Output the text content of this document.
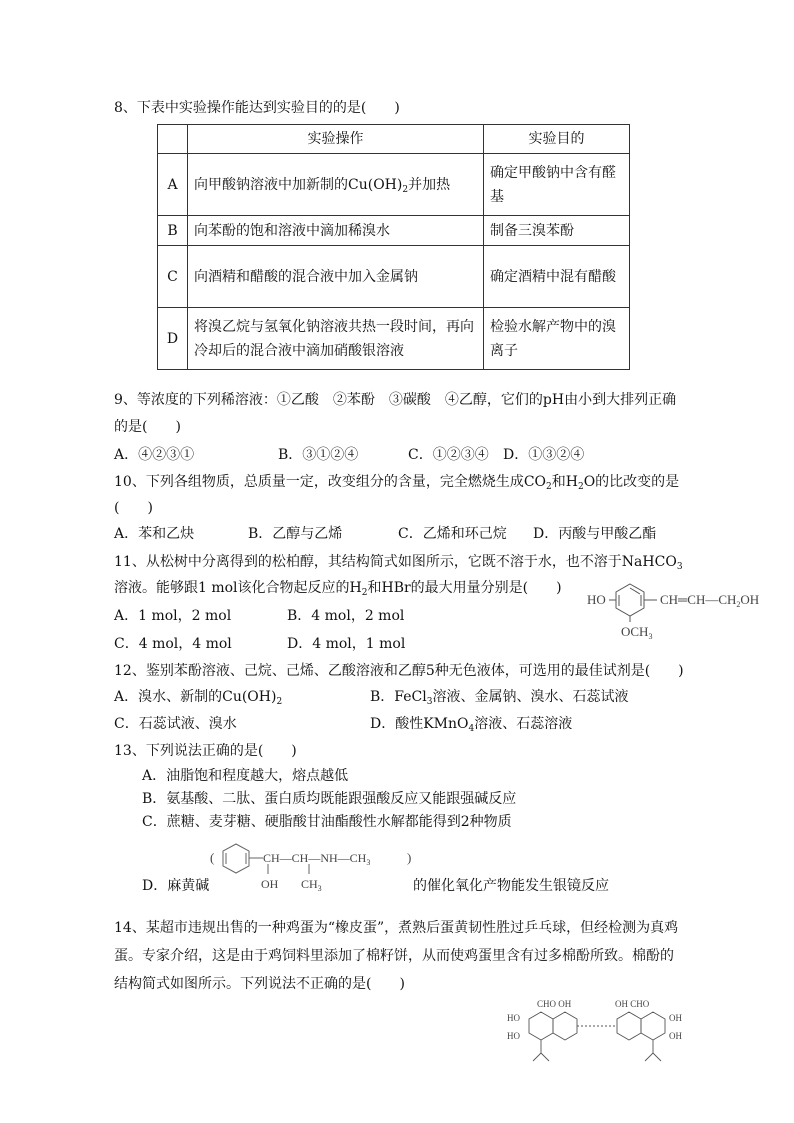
8、下表中实验操作能达到实验目的的是(　　)
	实验操作	实验目的
A	向甲酸钠溶液中加新制的$Cu(OH)_2$并加热	确定甲酸钠中含有醛基
B	向苯酚的饱和溶液中滴加稀溴水	制备三溴苯酚
C	向酒精和醋酸的混合液中加入金属钠	确定酒精中混有醋酸
D	将溴乙烷与氢氧化钠溶液共热一段时间，再向冷却后的混合液中滴加硝酸银溶液	检验水解产物中的溴离子
9、等浓度的下列稀溶液：①乙酸　②苯酚　③碳酸　④乙醇，它们的pH由小到大排列正确
的是(　　)
A．④②③①	B．③①②④	C．①②③④ D．①③②④
10、下列各组物质，总质量一定，改变组分的含量，完全燃烧生成$CO_2$和$H_2O$的比改变的是
(　　)
A．苯和乙炔	B．乙醇与乙烯	C．乙烯和环己烷 D．丙酸与甲酸乙酯
11、从松树中分离得到的松柏醇，其结构简式如图所示，它既不溶于水，也不溶于NaHCO$_3$
溶液。能够跟1 mol该化合物起反应的$H_2$和HBr的最大用量分别是(　　)
A．1 mol，2 mol	B．4 mol，2 mol
C．4 mol，4 mol	D．4 mol，1 mol
HO	$CH═CH—CH_2OH$
$OCH_3$
12、鉴别苯酚溶液、己烷、己烯、乙酸溶液和乙醇5种无色液体，可选用的最佳试剂是(　　)
A．溴水、新制的$Cu(OH)_2$	B．FeCl$_3$溶液、金属钠、溴水、石蕊试液
C．石蕊试液、溴水	D．酸性KMnO$_4$溶液、石蕊溶液
13、下列说法正确的是(　　)
A．油脂饱和程度越大，熔点越低
B．氨基酸、二肽、蛋白质均既能跟强酸反应又能跟强碱反应
C．蔗糖、麦芽糖、硬脂酸甘油酯酸性水解都能得到2种物质
D．麻黄碱	的催化氧化产物能发生银镜反应
(	$CH—CH—NH—CH_3$	)
OH $CH_3$
14、某超市违规出售的一种鸡蛋为“橡皮蛋”，煮熟后蛋黄韧性胜过乒乓球，但经检测为真鸡
蛋。专家介绍，这是由于鸡饲料里添加了棉籽饼，从而使鸡蛋里含有过多棉酚所致。棉酚的
结构简式如图所示。下列说法不正确的是(　　)
CHO OH	OH CHO
HO
HO
OH
OH
